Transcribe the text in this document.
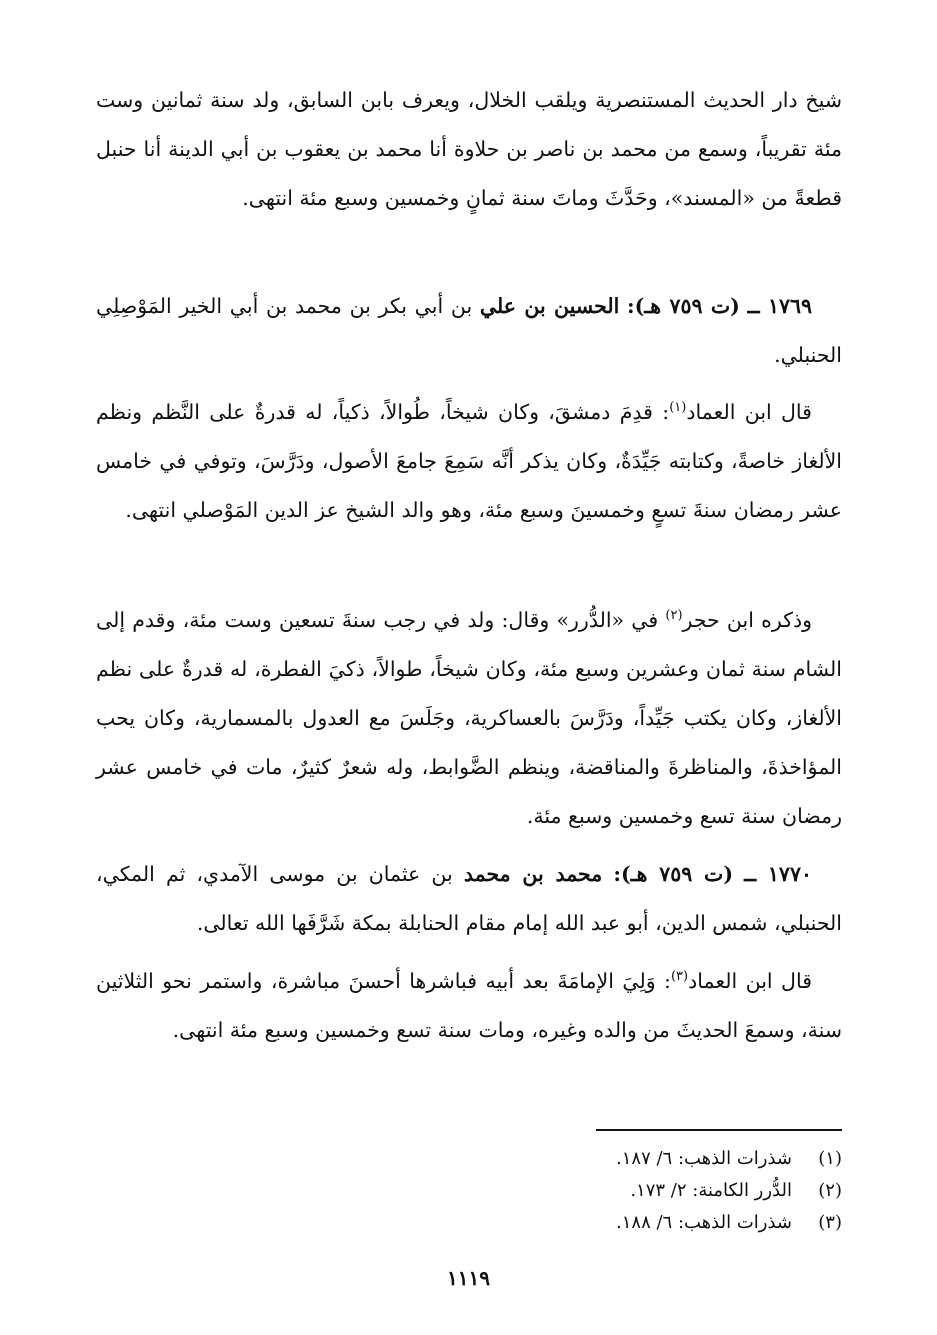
شيخ دار الحديث المستنصرية ويلقب الخلال، ويعرف بابن السابق، ولد سنة ثمانين وست مئة تقريباً، وسمع من محمد بن ناصر بن حلاوة أنا محمد بن يعقوب بن أبي الدينة أنا حنبل قطعةً من «المسند»، وحَدَّثَ وماتَ سنة ثمانٍ وخمسين وسبع مئة انتهى.

١٧٦٩ ــ (ت ٧٥٩ هـ): الحسين بن علي بن أبي بكر بن محمد بن أبي الخير المَوْصِلِي الحنبلي.

قال ابن العماد$^{(١)}$: قدِمَ دمشقَ، وكان شيخاً، طُوالاً، ذكياً، له قدرةٌ على النَّظم ونظم الألغاز خاصةً، وكتابته جَيِّدَةٌ، وكان يذكر أنَّه سَمِعَ جامعَ الأصول، ودَرَّسَ، وتوفي في خامس عشر رمضان سنةَ تسعٍ وخمسينَ وسبع مئة، وهو والد الشيخ عز الدين المَوْصلي انتهى.

وذكره ابن حجر$^{(٢)}$ في «الدُّرر» وقال: ولد في رجب سنةَ تسعين وست مئة، وقدم إلى الشام سنة ثمان وعشرين وسبع مئة، وكان شيخاً، طوالاً، ذكيَ الفطرة، له قدرةٌ على نظم الألغاز، وكان يكتب جَيِّداً، ودَرَّسَ بالعساكرية، وجَلَسَ مع العدول بالمسمارية، وكان يحب المؤاخذةَ، والمناظرةَ والمناقضة، وينظم الضَّوابط، وله شعرٌ كثيرٌ، مات في خامس عشر رمضان سنة تسع وخمسين وسبع مئة.

١٧٧٠ ــ (ت ٧٥٩ هـ): محمد بن محمد بن عثمان بن موسى الآمدي، ثم المكي، الحنبلي، شمس الدين، أبو عبد الله إمام مقام الحنابلة بمكة شَرَّفَها الله تعالى.

قال ابن العماد$^{(٣)}$: وَلِيَ الإمامَةَ بعد أبيه فباشرها أحسنَ مباشرة، واستمر نحو الثلاثين سنة، وسمعَ الحديثَ من والده وغيره، ومات سنة تسع وخمسين وسبع مئة انتهى.

(١)
شذرات الذهب: ٦/ ١٨٧.
(٢)
الدُّرر الكامنة: ٢/ ١٧٣.
(٣)
شذرات الذهب: ٦/ ١٨٨.
١١١٩
